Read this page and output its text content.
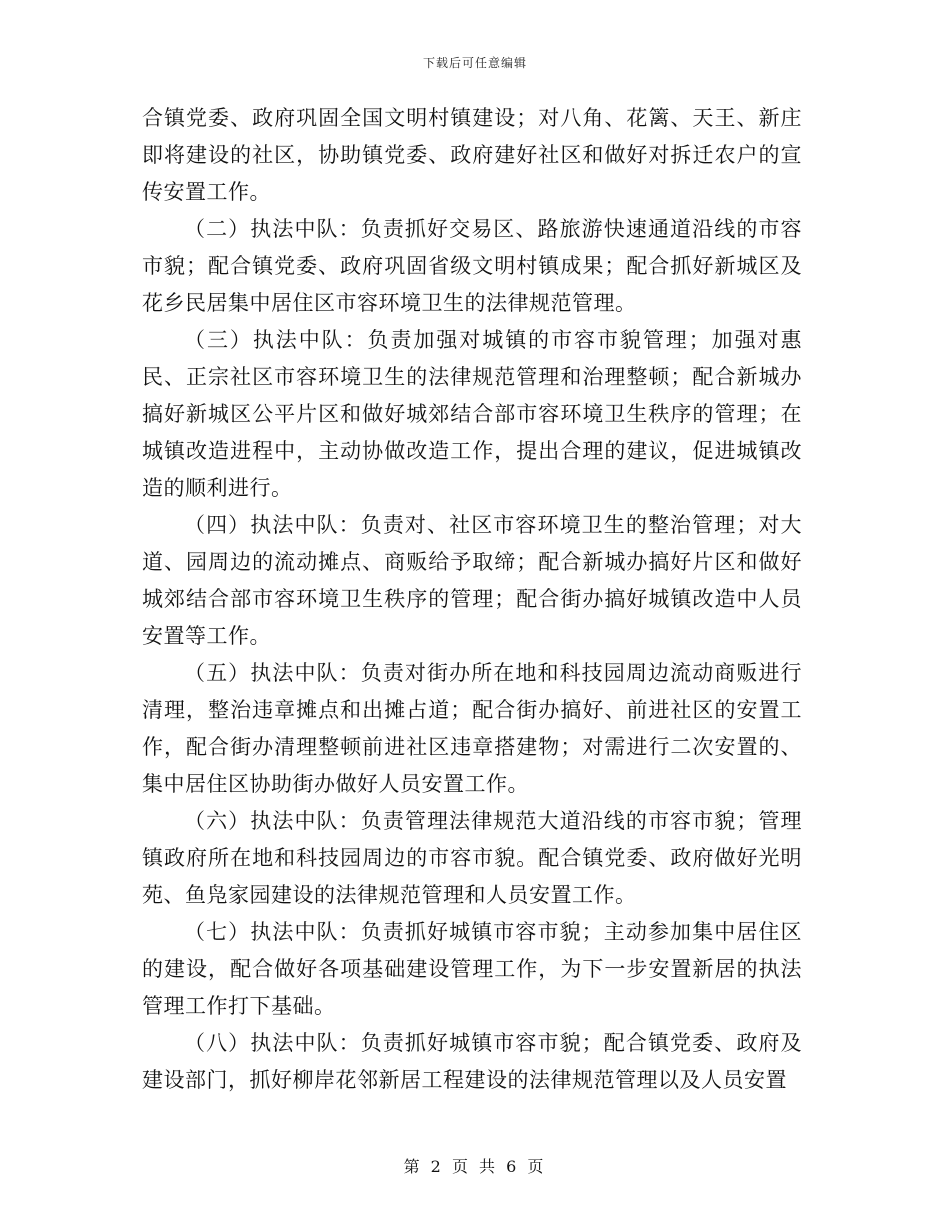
下载后可任意编辑

合镇党委、政府巩固全国文明村镇建设；对八角、花篱、天王、新庄即将建设的社区，协助镇党委、政府建好社区和做好对拆迁农户的宣传安置工作。

（二）执法中队：负责抓好交易区、路旅游快速通道沿线的市容市貌；配合镇党委、政府巩固省级文明村镇成果；配合抓好新城区及花乡民居集中居住区市容环境卫生的法律规范管理。

（三）执法中队：负责加强对城镇的市容市貌管理；加强对惠民、正宗社区市容环境卫生的法律规范管理和治理整顿；配合新城办搞好新城区公平片区和做好城郊结合部市容环境卫生秩序的管理；在城镇改造进程中，主动协做改造工作，提出合理的建议，促进城镇改造的顺利进行。

（四）执法中队：负责对、社区市容环境卫生的整治管理；对大道、园周边的流动摊点、商贩给予取缔；配合新城办搞好片区和做好城郊结合部市容环境卫生秩序的管理；配合街办搞好城镇改造中人员安置等工作。

（五）执法中队：负责对街办所在地和科技园周边流动商贩进行清理，整治违章摊点和出摊占道；配合街办搞好、前进社区的安置工作，配合街办清理整顿前进社区违章搭建物；对需进行二次安置的、集中居住区协助街办做好人员安置工作。

（六）执法中队：负责管理法律规范大道沿线的市容市貌；管理镇政府所在地和科技园周边的市容市貌。配合镇党委、政府做好光明苑、鱼凫家园建设的法律规范管理和人员安置工作。

（七）执法中队：负责抓好城镇市容市貌；主动参加集中居住区的建设，配合做好各项基础建设管理工作，为下一步安置新居的执法管理工作打下基础。

（八）执法中队：负责抓好城镇市容市貌；配合镇党委、政府及建设部门，抓好柳岸花邻新居工程建设的法律规范管理以及人员安置

第 2 页 共 6 页
